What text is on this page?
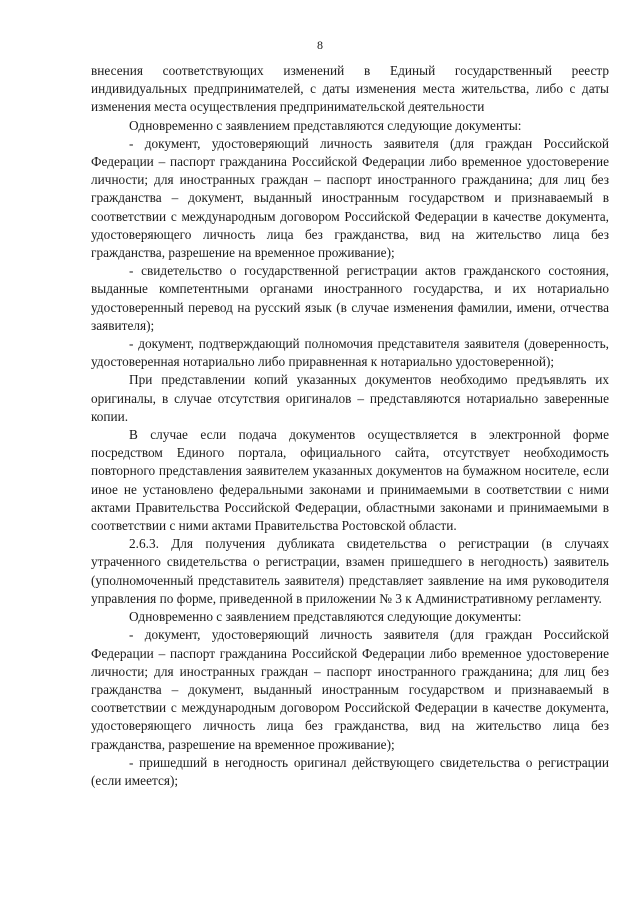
8

внесения соответствующих изменений в Единый государственный реестр индивидуальных предпринимателей, с даты изменения места жительства, либо с даты изменения места осуществления предпринимательской деятельности

Одновременно с заявлением представляются следующие документы:

- документ, удостоверяющий личность заявителя (для граждан Российской Федерации – паспорт гражданина Российской Федерации либо временное удостоверение личности; для иностранных граждан – паспорт иностранного гражданина; для лиц без гражданства – документ, выданный иностранным государством и признаваемый в соответствии с международным договором Российской Федерации в качестве документа, удостоверяющего личность лица без гражданства, вид на жительство лица без гражданства, разрешение на временное проживание);

- свидетельство о государственной регистрации актов гражданского состояния, выданные компетентными органами иностранного государства, и их нотариально удостоверенный перевод на русский язык (в случае изменения фамилии, имени, отчества заявителя);

- документ, подтверждающий полномочия представителя заявителя (доверенность, удостоверенная нотариально либо приравненная к нотариально удостоверенной);

При представлении копий указанных документов необходимо предъявлять их оригиналы, в случае отсутствия оригиналов – представляются нотариально заверенные копии.

В случае если подача документов осуществляется в электронной форме посредством Единого портала, официального сайта, отсутствует необходимость повторного представления заявителем указанных документов на бумажном носителе, если иное не установлено федеральными законами и принимаемыми в соответствии с ними актами Правительства Российской Федерации, областными законами и принимаемыми в соответствии с ними актами Правительства Ростовской области.

2.6.3. Для получения дубликата свидетельства о регистрации (в случаях утраченного свидетельства о регистрации, взамен пришедшего в негодность) заявитель (уполномоченный представитель заявителя) представляет заявление на имя руководителя управления по форме, приведенной в приложении № 3 к Административному регламенту.

Одновременно с заявлением представляются следующие документы:

- документ, удостоверяющий личность заявителя (для граждан Российской Федерации – паспорт гражданина Российской Федерации либо временное удостоверение личности; для иностранных граждан – паспорт иностранного гражданина; для лиц без гражданства – документ, выданный иностранным государством и признаваемый в соответствии с международным договором Российской Федерации в качестве документа, удостоверяющего личность лица без гражданства, вид на жительство лица без гражданства, разрешение на временное проживание);

- пришедший в негодность оригинал действующего свидетельства о регистрации (если имеется);
